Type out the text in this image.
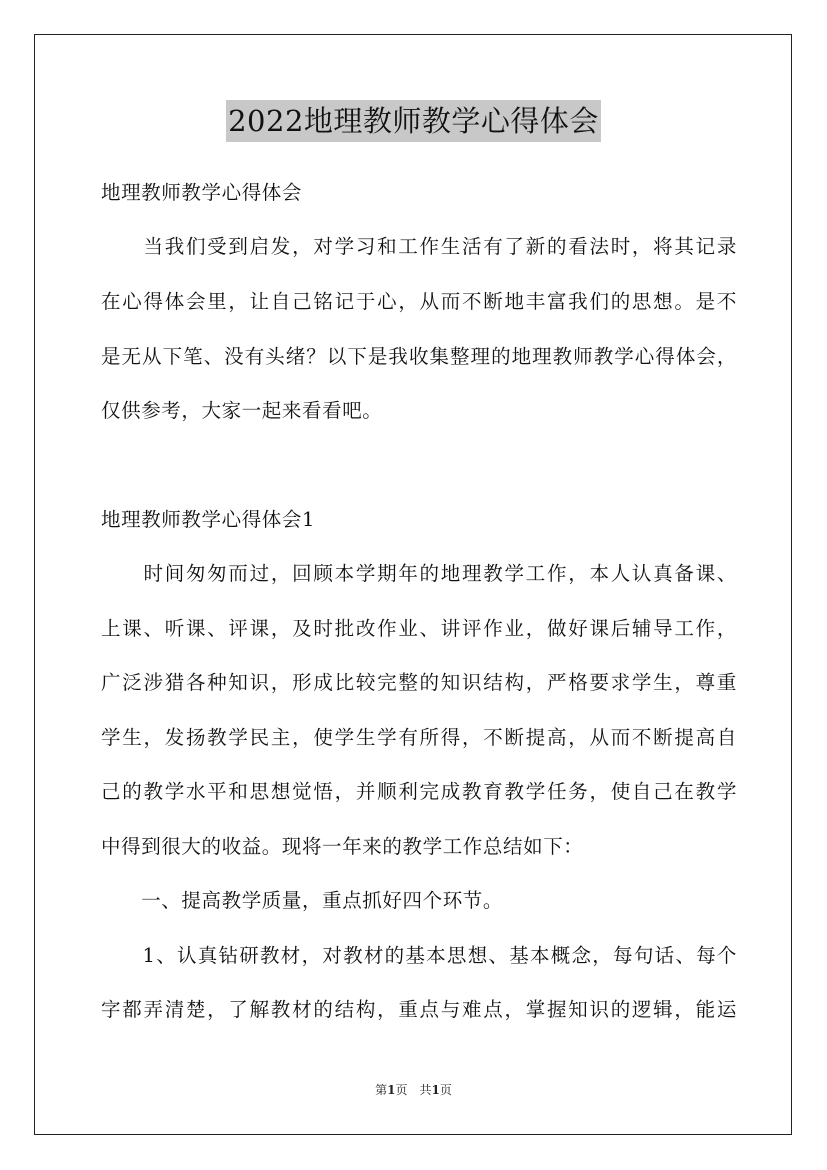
2022地理教师教学心得体会
地理教师教学心得体会
　　当我们受到启发，对学习和工作生活有了新的看法时，将其记录
在心得体会里，让自己铭记于心，从而不断地丰富我们的思想。是不
是无从下笔、没有头绪？以下是我收集整理的地理教师教学心得体会，
仅供参考，大家一起来看看吧。
地理教师教学心得体会1
　　时间匆匆而过，回顾本学期年的地理教学工作，本人认真备课、
上课、听课、评课，及时批改作业、讲评作业，做好课后辅导工作，
广泛涉猎各种知识，形成比较完整的知识结构，严格要求学生，尊重
学生，发扬教学民主，使学生学有所得，不断提高，从而不断提高自
己的教学水平和思想觉悟，并顺利完成教育教学任务，使自己在教学
中得到很大的收益。现将一年来的教学工作总结如下：
　　一、提高教学质量，重点抓好四个环节。
　　1、认真钻研教材，对教材的基本思想、基本概念，每句话、每个
字都弄清楚，了解教材的结构，重点与难点，掌握知识的逻辑，能运
第1页　共1页
